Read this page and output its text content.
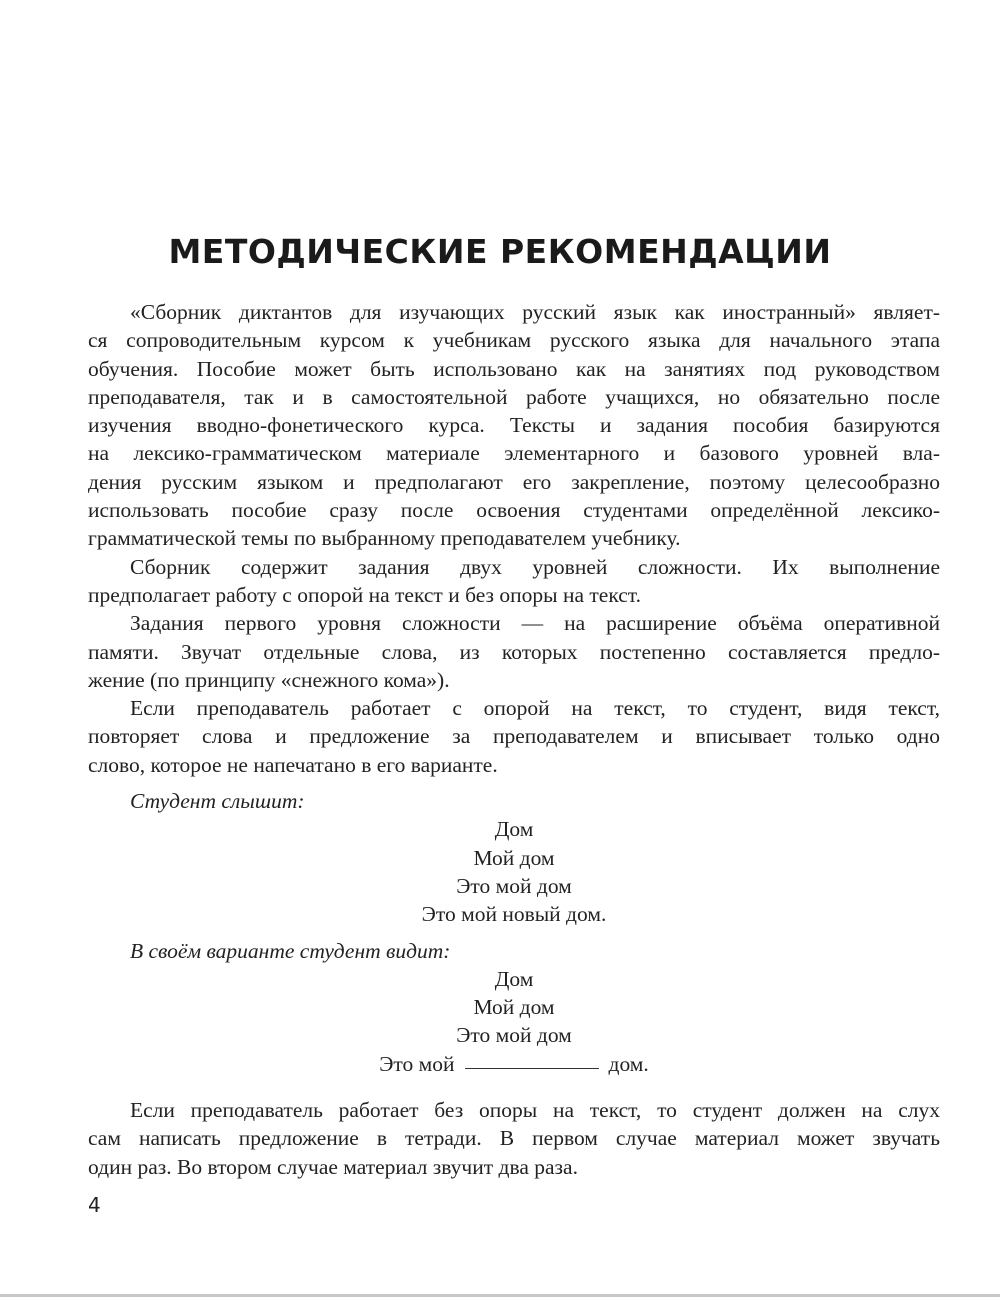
МЕТОДИЧЕСКИЕ РЕКОМЕНДАЦИИ
«Сборник диктантов для изучающих русский язык как иностранный» являет-
ся сопроводительным курсом к учебникам русского языка для начального этапа
обучения. Пособие может быть использовано как на занятиях под руководством
преподавателя, так и в самостоятельной работе учащихся, но обязательно после
изучения вводно-фонетического курса. Тексты и задания пособия базируются
на лексико-грамматическом материале элементарного и базового уровней вла-
дения русским языком и предполагают его закрепление, поэтому целесообразно
использовать пособие сразу после освоения студентами определённой лексико-
грамматической темы по выбранному преподавателем учебнику.
Сборник содержит задания двух уровней сложности. Их выполнение
предполагает работу с опорой на текст и без опоры на текст.
Задания первого уровня сложности — на расширение объёма оперативной
памяти. Звучат отдельные слова, из которых постепенно составляется предло-
жение (по принципу «снежного кома»).
Если преподаватель работает с опорой на текст, то студент, видя текст,
повторяет слова и предложение за преподавателем и вписывает только одно
слово, которое не напечатано в его варианте.
Студент слышит:
Дом
Мой дом
Это мой дом
Это мой новый дом.
В своём варианте студент видит:
Дом
Мой дом
Это мой дом
Это мой	дом.
Если преподаватель работает без опоры на текст, то студент должен на слух
сам написать предложение в тетради. В первом случае материал может звучать
один раз. Во втором случае материал звучит два раза.
4
